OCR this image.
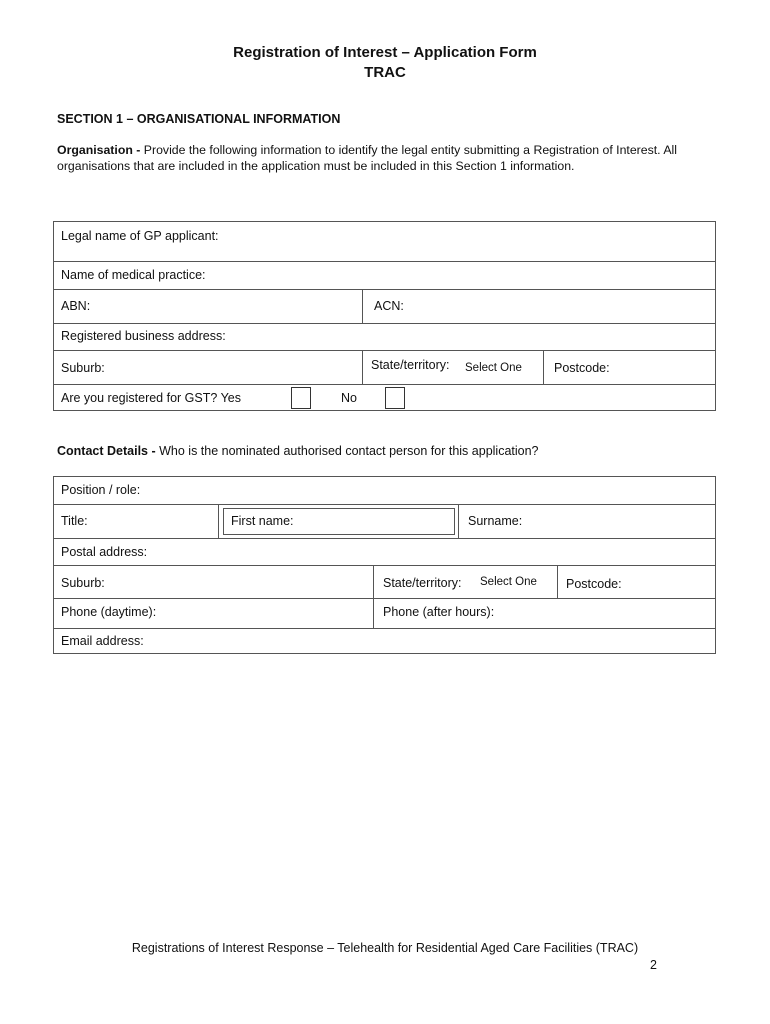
Registration of Interest – Application Form
TRAC
SECTION 1 – ORGANISATIONAL INFORMATION
Organisation - Provide the following information to identify the legal entity submitting a Registration of Interest. All organisations that are included in the application must be included in this Section 1 information.
Legal name of GP applicant:
Name of medical practice:
ABN:	ACN:
Registered business address:
Suburb:	State/territory: Select One	Postcode:
Are you registered for GST? Yes	No
Contact Details - Who is the nominated authorised contact person for this application?
Position / role:
Title:	First name:	Surname:
Postal address:
Suburb:	State/territory: Select One Postcode:
Phone (daytime):	Phone (after hours):
Email address:
Registrations of Interest Response – Telehealth for Residential Aged Care Facilities (TRAC)
2
